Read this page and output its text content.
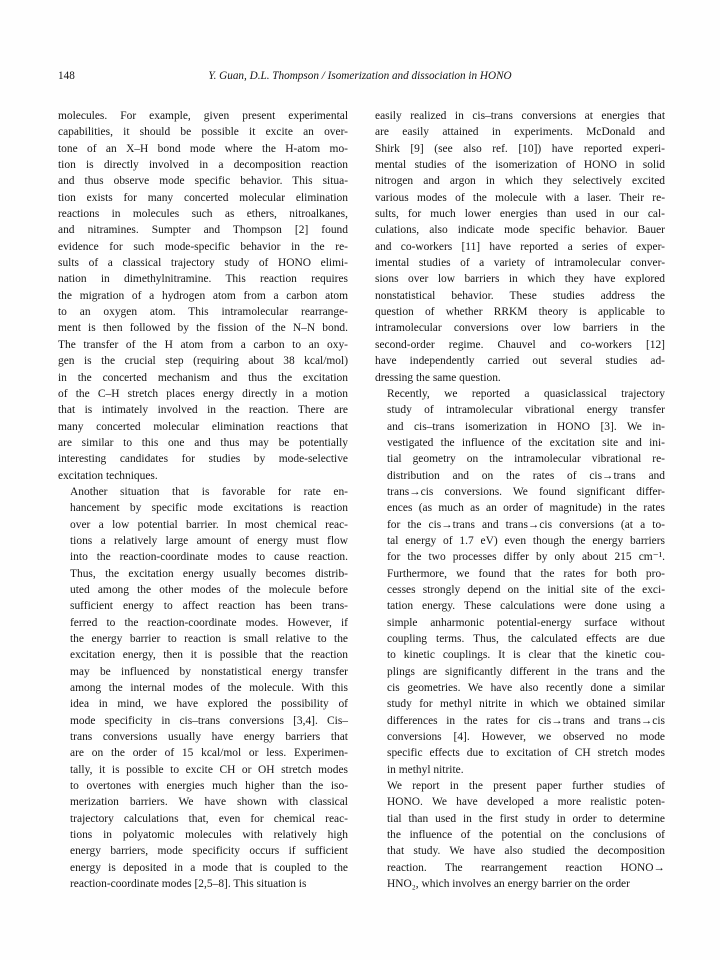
148	Y. Guan, D.L. Thompson / Isomerization and dissociation in HONO

molecules. For example, given present experimental
capabilities, it should be possible it excite an over-
tone of an X–H bond mode where the H-atom mo-
tion is directly involved in a decomposition reaction
and thus observe mode specific behavior. This situa-
tion exists for many concerted molecular elimination
reactions in molecules such as ethers, nitroalkanes,
and nitramines. Sumpter and Thompson [2] found
evidence for such mode-specific behavior in the re-
sults of a classical trajectory study of HONO elimi-
nation in dimethylnitramine. This reaction requires
the migration of a hydrogen atom from a carbon atom
to an oxygen atom. This intramolecular rearrange-
ment is then followed by the fission of the N–N bond.
The transfer of the H atom from a carbon to an oxy-
gen is the crucial step (requiring about 38 kcal/mol)
in the concerted mechanism and thus the excitation
of the C–H stretch places energy directly in a motion
that is intimately involved in the reaction. There are
many concerted molecular elimination reactions that
are similar to this one and thus may be potentially
interesting candidates for studies by mode-selective
excitation techniques.

Another situation that is favorable for rate en-
hancement by specific mode excitations is reaction
over a low potential barrier. In most chemical reac-
tions a relatively large amount of energy must flow
into the reaction-coordinate modes to cause reaction.
Thus, the excitation energy usually becomes distrib-
uted among the other modes of the molecule before
sufficient energy to affect reaction has been trans-
ferred to the reaction-coordinate modes. However, if
the energy barrier to reaction is small relative to the
excitation energy, then it is possible that the reaction
may be influenced by nonstatistical energy transfer
among the internal modes of the molecule. With this
idea in mind, we have explored the possibility of
mode specificity in cis–trans conversions [3,4]. Cis–
trans conversions usually have energy barriers that
are on the order of 15 kcal/mol or less. Experimen-
tally, it is possible to excite CH or OH stretch modes
to overtones with energies much higher than the iso-
merization barriers. We have shown with classical
trajectory calculations that, even for chemical reac-
tions in polyatomic molecules with relatively high
energy barriers, mode specificity occurs if sufficient
energy is deposited in a mode that is coupled to the
reaction-coordinate modes [2,5–8]. This situation is

easily realized in cis–trans conversions at energies that
are easily attained in experiments. McDonald and
Shirk [9] (see also ref. [10]) have reported experi-
mental studies of the isomerization of HONO in solid
nitrogen and argon in which they selectively excited
various modes of the molecule with a laser. Their re-
sults, for much lower energies than used in our cal-
culations, also indicate mode specific behavior. Bauer
and co-workers [11] have reported a series of exper-
imental studies of a variety of intramolecular conver-
sions over low barriers in which they have explored
nonstatistical behavior. These studies address the
question of whether RRKM theory is applicable to
intramolecular conversions over low barriers in the
second-order regime. Chauvel and co-workers [12]
have independently carried out several studies ad-
dressing the same question.

Recently, we reported a quasiclassical trajectory
study of intramolecular vibrational energy transfer
and cis–trans isomerization in HONO [3]. We in-
vestigated the influence of the excitation site and ini-
tial geometry on the intramolecular vibrational re-
distribution and on the rates of cis→trans and
trans→cis conversions. We found significant differ-
ences (as much as an order of magnitude) in the rates
for the cis→trans and trans→cis conversions (at a to-
tal energy of 1.7 eV) even though the energy barriers
for the two processes differ by only about 215 cm⁻¹.
Furthermore, we found that the rates for both pro-
cesses strongly depend on the initial site of the exci-
tation energy. These calculations were done using a
simple anharmonic potential-energy surface without
coupling terms. Thus, the calculated effects are due
to kinetic couplings. It is clear that the kinetic cou-
plings are significantly different in the trans and the
cis geometries. We have also recently done a similar
study for methyl nitrite in which we obtained similar
differences in the rates for cis→trans and trans→cis
conversions [4]. However, we observed no mode
specific effects due to excitation of CH stretch modes
in methyl nitrite.

We report in the present paper further studies of
HONO. We have developed a more realistic poten-
tial than used in the first study in order to determine
the influence of the potential on the conclusions of
that study. We have also studied the decomposition
reaction. The rearrangement reaction HONO→
HNO₂, which involves an energy barrier on the order
